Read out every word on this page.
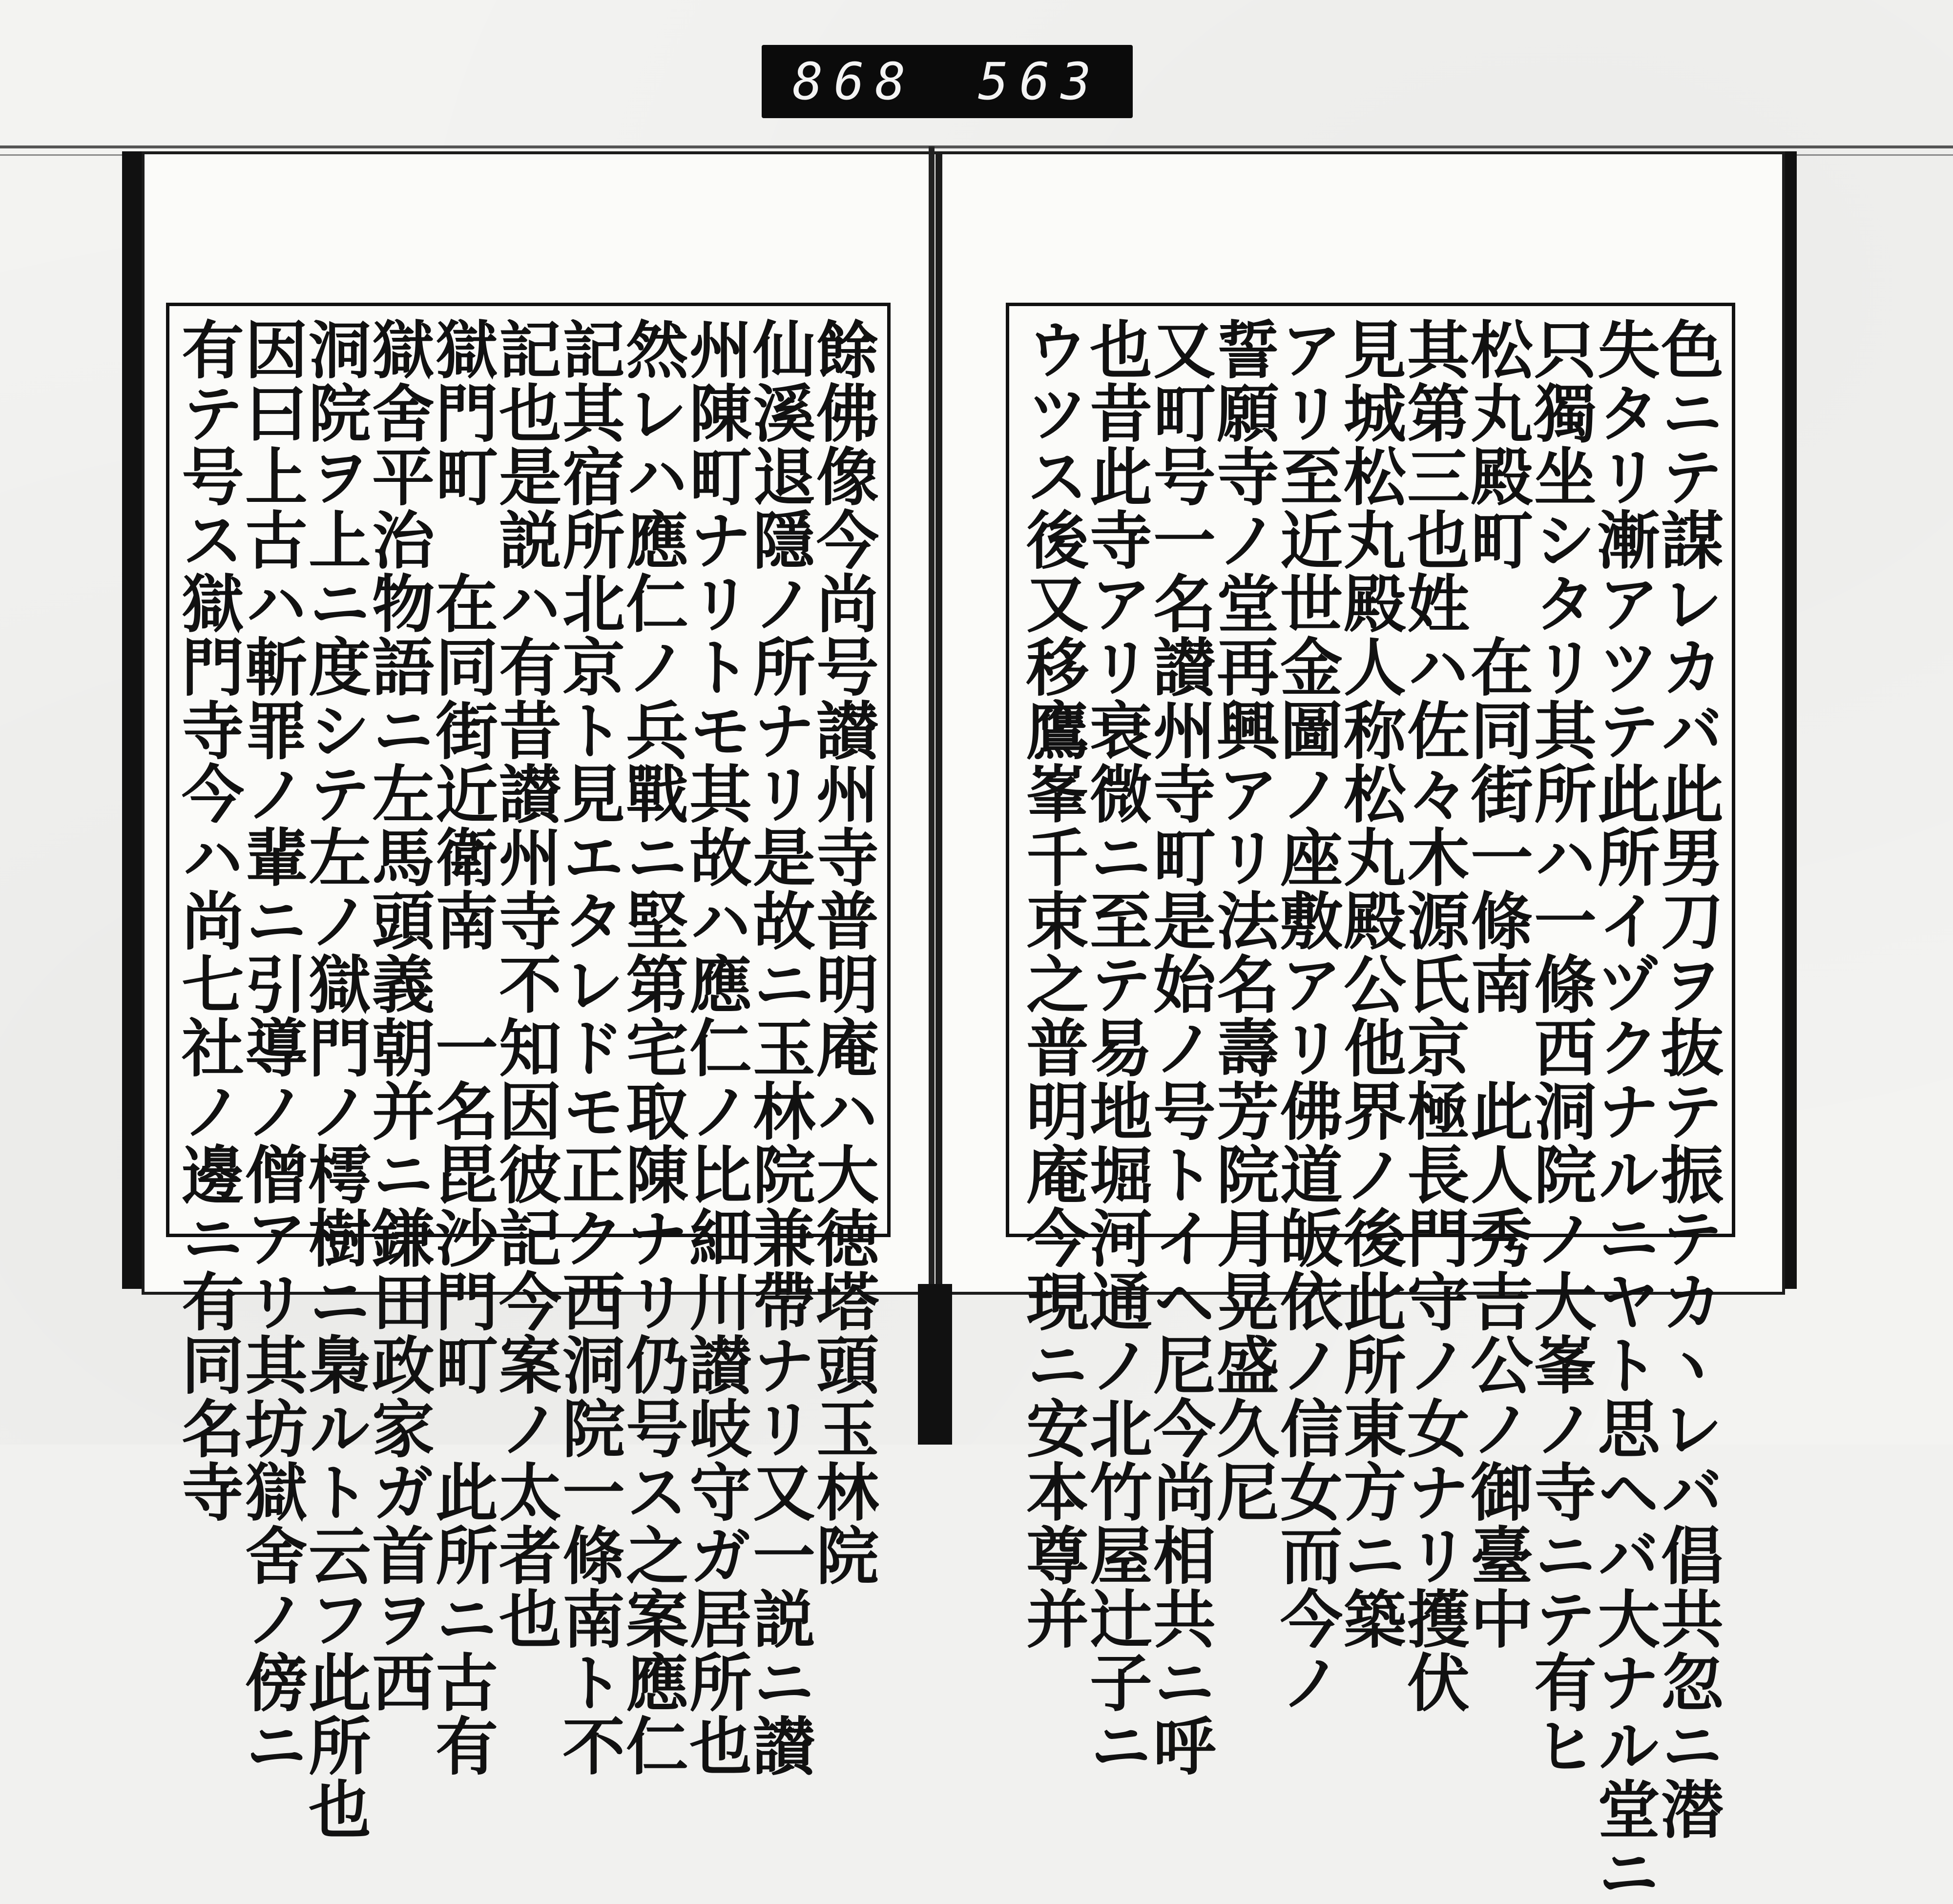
868 563
色ニテ謀レカバ此男刀ヲ抜テ振テカヽレバ倡共忽ニ潜
失タリ漸アツテ此所イヅクナルニヤト思ヘバ大ナル堂ニ
只獨坐シタリ其所ハ一條西洞院ノ大峯ノ寺ニテ有ヒ
松丸殿町　在同街一條南　此人秀吉公ノ御臺中
其第三也姓ハ佐々木源氏京極長門守ノ女ナリ擭伏
見城松丸殿人称松丸殿公他界ノ後此所東方ニ築
アリ至近世金圖ノ座敷アリ佛道皈依ノ信女而今ノ
誓願寺ノ堂再興アリ法名壽芳院月晃盛久尼
又町号一名讃州寺町是始ノ号トイヘ尼今尚相共ニ呼
也昔此寺アリ衰微ニ至テ易地堀河通ノ北竹屋辻子ニ
ウツス後又移鷹峯千束之普明庵今現ニ安本尊并
餘佛像今尚号讃州寺普明庵ハ大徳塔頭玉林院
仙溪退隱ノ所ナリ是故ニ玉林院兼帶ナリ又一説ニ讃
州陳町ナリトモ其故ハ應仁ノ比細川讃岐守ガ居所也
然レハ應仁ノ兵戰ニ堅第宅取陳ナリ仍号ス之案應仁
記其宿所北京ト見エタレドモ正ク西洞院一條南ト不
記也是説ハ有昔讃州寺不知因彼記今案ノ太者也
獄門町　在同街近衛南　一名毘沙門町　此所ニ古有
獄舍平治物語ニ左馬頭義朝并ニ鎌田政家ガ首ヲ西
洞院ヲ上ニ度シテ左ノ獄門ノ樗樹ニ梟ルト云フ此所也
因曰上古ハ斬罪ノ輩ニ引導ノ僧アリ其坊獄舍ノ傍ニ
有テ号ス獄門寺今ハ尚七社ノ邊ニ有同名寺
